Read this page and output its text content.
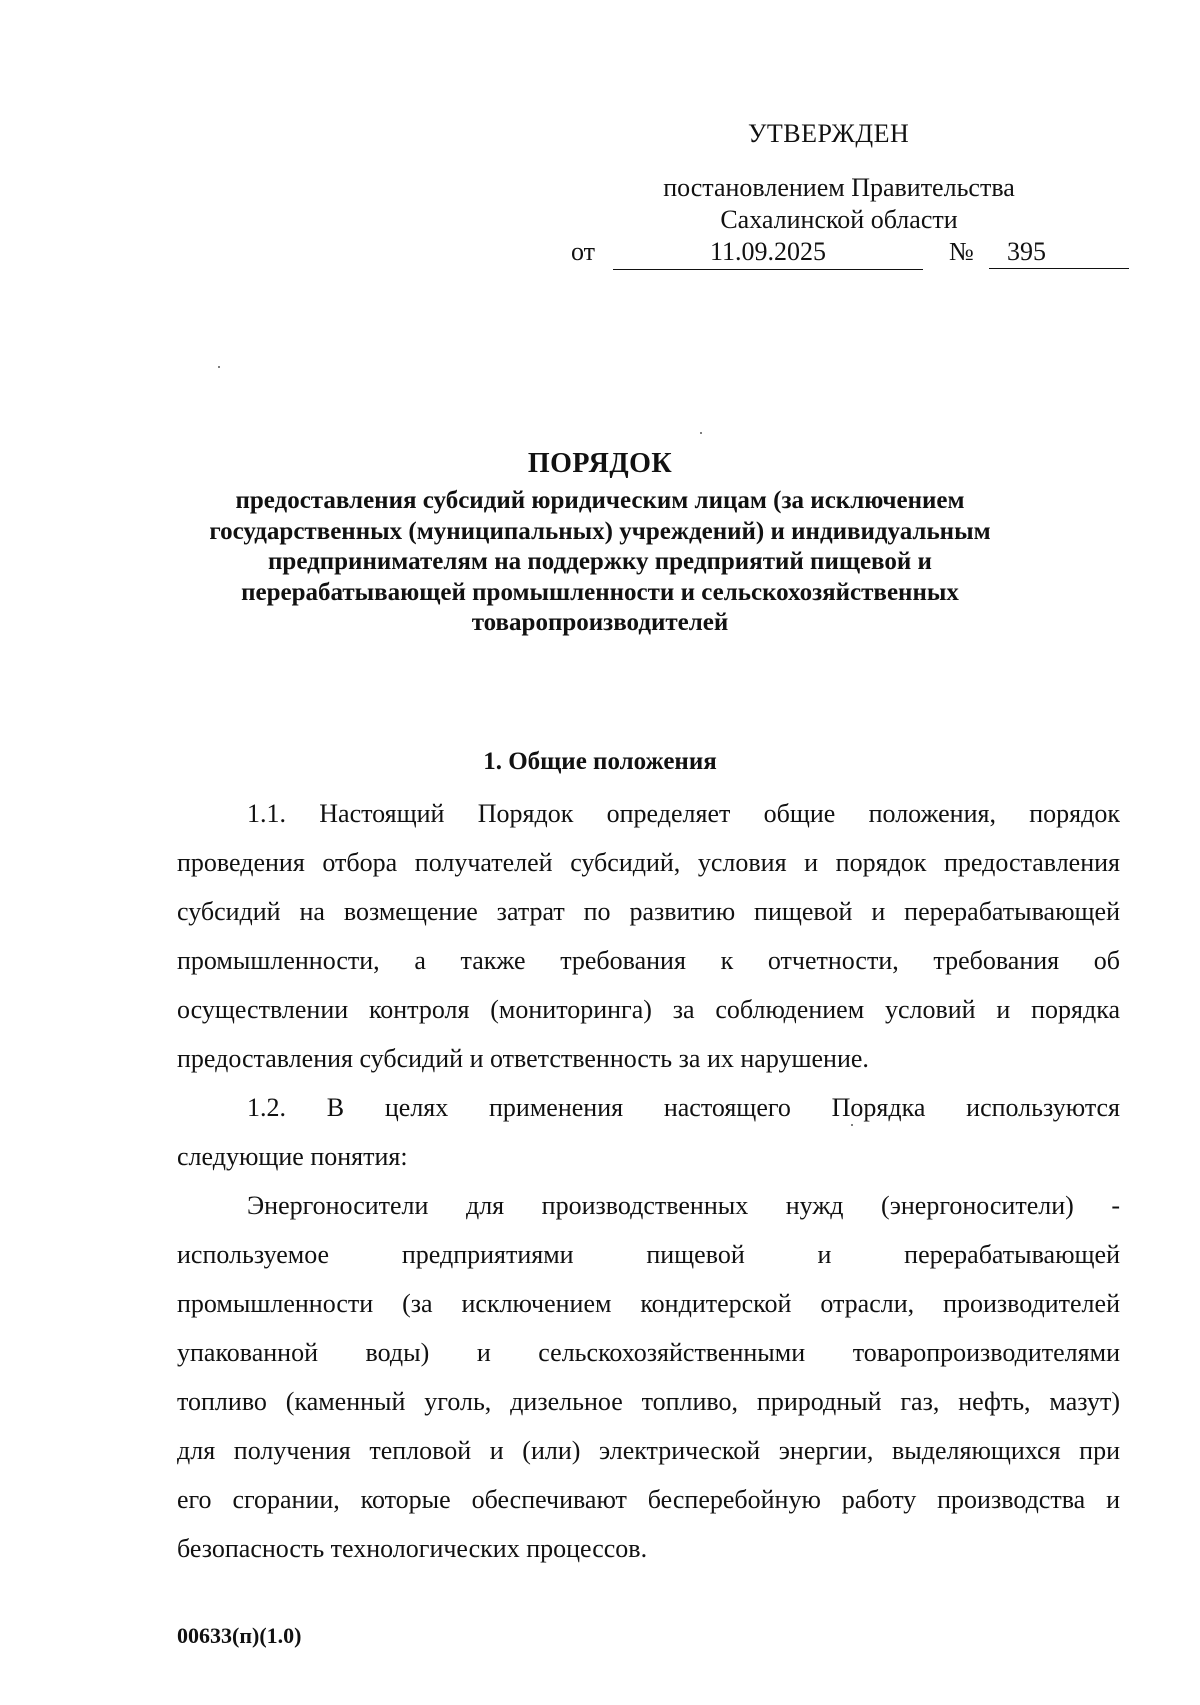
УТВЕРЖДЕН
постановлением Правительства
Сахалинской области
от	11.09.2025	№	395
ПОРЯДОК
предоставления субсидий юридическим лицам (за исключением
государственных (муниципальных) учреждений) и индивидуальным
предпринимателям на поддержку предприятий пищевой и
перерабатывающей промышленности и сельскохозяйственных
товаропроизводителей
1. Общие положения
1.1. Настоящий Порядок определяет общие положения, порядок
проведения отбора получателей субсидий, условия и порядок предоставления
субсидий на возмещение затрат по развитию пищевой и перерабатывающей
промышленности, а также требования к отчетности, требования об
осуществлении контроля (мониторинга) за соблюдением условий и порядка
предоставления субсидий и ответственность за их нарушение.
1.2. В целях применения настоящего Порядка используются
следующие понятия:
Энергоносители для производственных нужд (энергоносители) -
используемое предприятиями пищевой и перерабатывающей
промышленности (за исключением кондитерской отрасли, производителей
упакованной воды) и сельскохозяйственными товаропроизводителями
топливо (каменный уголь, дизельное топливо, природный газ, нефть, мазут)
для получения тепловой и (или) электрической энергии, выделяющихся при
его сгорании, которые обеспечивают бесперебойную работу производства и
безопасность технологических процессов.
00633(п)(1.0)
